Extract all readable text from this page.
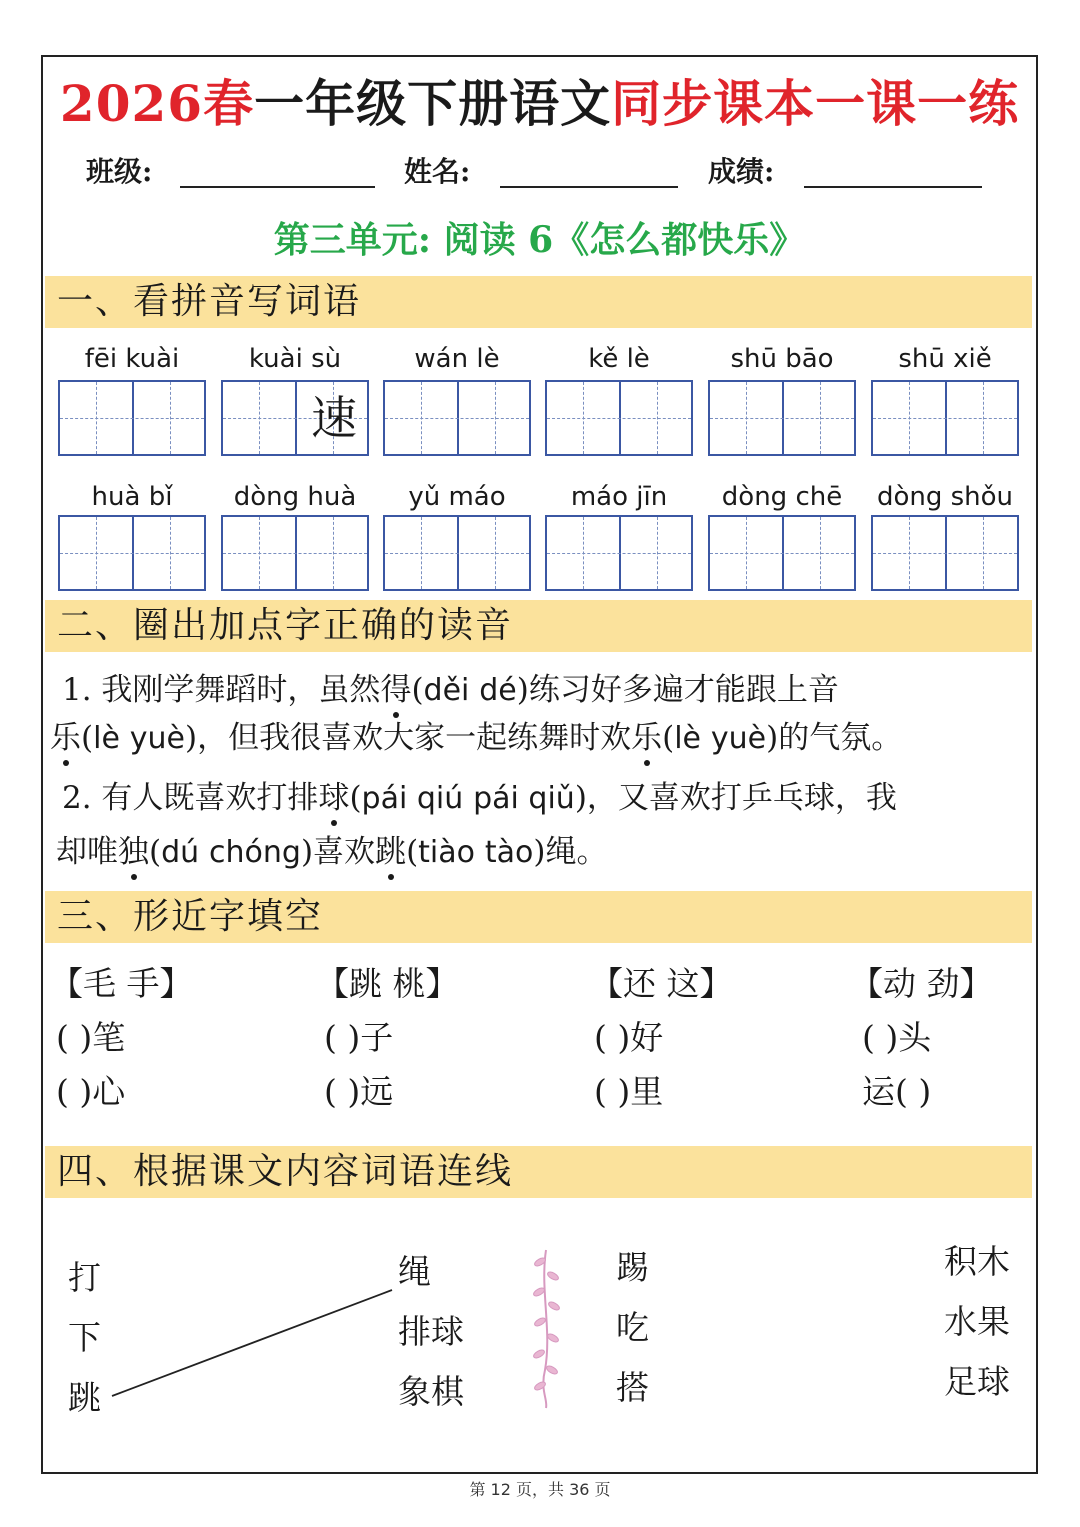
2026春一年级下册语文同步课本一课一练
班级:	姓名:	成绩:
第三单元: 阅读 6《怎么都快乐》
一、看拼音写词语
fēi kuài	kuài sù	wán lè	kě lè	shū bāo	shū xiě
速
huà bǐ	dòng huà	yǔ máo	máo jīn	dòng chē	dòng shǒu
二、圈出加点字正确的读音
1. 我刚学舞蹈时，虽然得(děi dé)练习好多遍才能跟上音
乐(lè yuè)，但我很喜欢大家一起练舞时欢乐(lè yuè)的气氛。
2. 有人既喜欢打排球(pái qiú pái qiǔ)，又喜欢打乒乓球，我
却唯独(dú chóng)喜欢跳(tiào tào)绳。
三、形近字填空
【毛 手】
( )笔
( )心
【跳 桃】
( )子
( )远
【还 这】
( )好
( )里
【动 劲】
( )头
运( )
四、根据课文内容词语连线
打
下
跳
绳
排球
象棋
踢
吃
搭
积木
水果
足球
第 12 页，共 36 页
